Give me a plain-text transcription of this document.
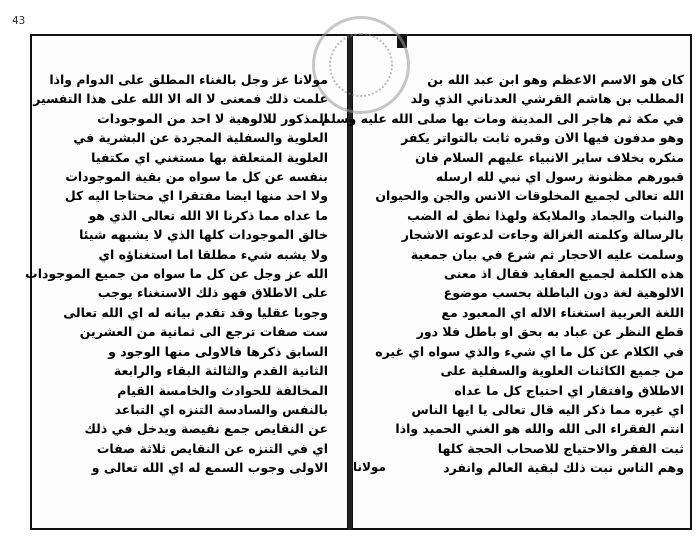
43
مولانا عز وجل بالغناء المطلق على الدوام واذا
علمت ذلك فمعنى لا اله الا الله على هذا التفسير
المذكور للالوهية لا احد من الموجودات
العلوية والسفلية المجردة عن البشرية في
العلوية المتعلقة بها مستغني اي مكتفيا
بنفسه عن كل ما سواه من بقية الموجودات
ولا احد منها ايضا مفتقرا اي محتاجا اليه كل
ما عداه مما ذكرنا الا الله تعالى الذي هو
خالق الموجودات كلها الذي لا يشبهه شيئا
ولا يشبه شيء مطلقا اما استغناؤه اي
الله عز وجل عن كل ما سواه من جميع الموجودات
على الاطلاق فهو ذلك الاستغناء يوجب
وجوبا عقليا وقد تقدم بيانه له اي الله تعالى
ست صفات ترجع الى ثمانية من العشرين
السابق ذكرها فالاولى منها الوجود و
الثانية القدم والثالثة البقاء والرابعة
المخالفة للحوادث والخامسة القيام
بالنفس والسادسة التنزه اي التباعد
عن النقايص جمع نقيصة ويدخل في ذلك
اي في التنزه عن النقايص ثلاثة صفات
الاولى وجوب السمع له اي الله تعالى و
كان هو الاسم الاعظم وهو ابن عبد الله بن
المطلب بن هاشم القرشي العدناني الذي ولد
في مكة ثم هاجر الى المدينة ومات بها صلى الله عليه وسلم
وهو مدفون فيها الان وقبره ثابت بالتواتر يكفر
منكره بخلاف ساير الانبياء عليهم السلام فان
قبورهم مظنونة رسول اي نبي لله ارسله
الله تعالى لجميع المخلوقات الانس والجن والحيوان
والنبات والجماد والملايكة ولهذا نطق له الضب
بالرسالة وكلمته الغزالة وجاءت لدعوته الاشجار
وسلمت عليه الاحجار ثم شرع في بيان جمعية
هذه الكلمة لجميع العقايد فقال اذ معنى
الالوهية لغة دون الباطلة بحسب موضوع
اللغة العربية استغناء الاله اي المعبود مع
قطع النظر عن عباد به بحق او باطل فلا دور
في الكلام عن كل ما اي شيء والذي سواه اي غيره
من جميع الكائنات العلوية والسفلية على
الاطلاق وافتقار اي احتياج كل ما عداه
اي غيره مما ذكر اليه قال تعالى يا ايها الناس
انتم الفقراء الى الله والله هو الغني الحميد واذا
ثبت الفقر والاحتياج للاصحاب الحجة كلها
وهم الناس نبت ذلك لبقية العالم وانفرد
مولانا
